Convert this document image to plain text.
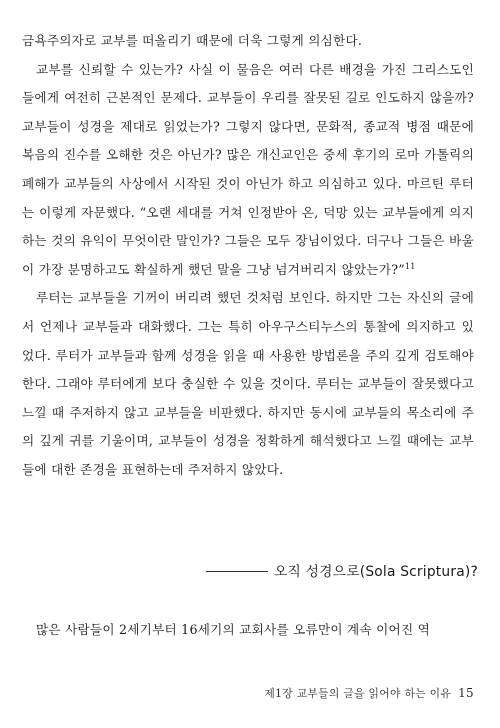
금욕주의자로 교부를 떠올리기 때문에 더욱 그렇게 의심한다.

교부를 신뢰할 수 있는가? 사실 이 물음은 여러 다른 배경을 가진 그리스도인들에게 여전히 근본적인 문제다. 교부들이 우리를 잘못된 길로 인도하지 않을까? 교부들이 성경을 제대로 읽었는가? 그렇지 않다면, 문화적, 종교적 병점 때문에 복음의 진수를 오해한 것은 아닌가? 많은 개신교인은 중세 후기의 로마 가톨릭의 폐해가 교부들의 사상에서 시작된 것이 아닌가 하고 의심하고 있다. 마르틴 루터는 이렇게 자문했다. “오랜 세대를 거쳐 인정받아 온, 덕망 있는 교부들에게 의지하는 것의 유익이 무엇이란 말인가? 그들은 모두 장님이었다. 더구나 그들은 바울이 가장 분명하고도 확실하게 했던 말을 그냥 넘겨버리지 않았는가?”$^{11}$

루터는 교부들을 기꺼이 버리려 했던 것처럼 보인다. 하지만 그는 자신의 글에서 언제나 교부들과 대화했다. 그는 특히 아우구스티누스의 통찰에 의지하고 있었다. 루터가 교부들과 함께 성경을 읽을 때 사용한 방법론을 주의 깊게 검토해야 한다. 그래야 루터에게 보다 충실한 수 있을 것이다. 루터는 교부들이 잘못했다고 느낄 때 주저하지 않고 교부들을 비판했다. 하지만 동시에 교부들의 목소리에 주의 깊게 귀를 기울이며, 교부들이 성경을 정확하게 해석했다고 느낄 때에는 교부들에 대한 존경을 표현하는데 주저하지 않았다.

오직 성경으로(Sola Scriptura)?

많은 사람들이 2세기부터 16세기의 교회사를 오류만이 계속 이어진 역

제1장 교부들의 글을 읽어야 하는 이유 15
